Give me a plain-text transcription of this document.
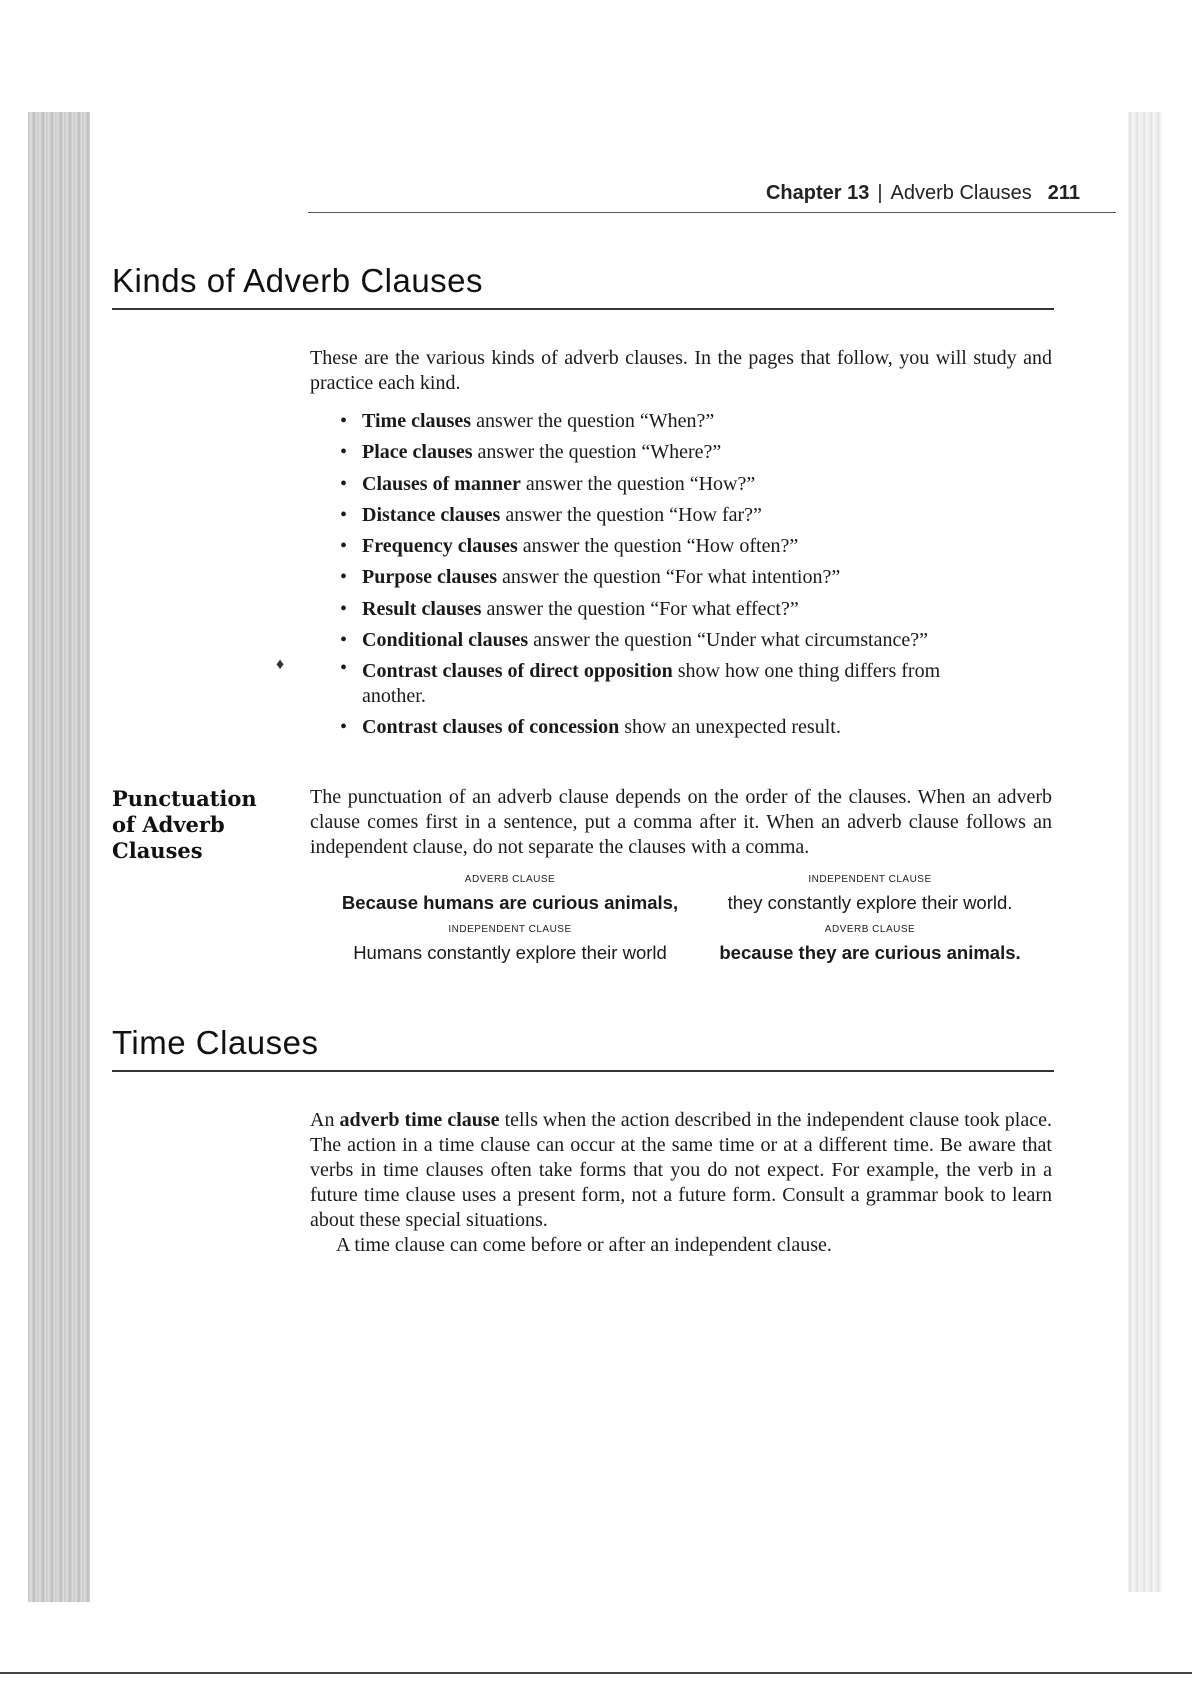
Chapter 13 | Adverb Clauses 211
Kinds of Adverb Clauses

These are the various kinds of adverb clauses. In the pages that follow, you will study and practice each kind.

♦
• Time clauses answer the question “When?”
• Place clauses answer the question “Where?”
• Clauses of manner answer the question “How?”
• Distance clauses answer the question “How far?”
• Frequency clauses answer the question “How often?”
• Purpose clauses answer the question “For what intention?”
• Result clauses answer the question “For what effect?”
• Conditional clauses answer the question “Under what circumstance?”
• Contrast clauses of direct opposition show how one thing differs from another.
• Contrast clauses of concession show an unexpected result.
Punctuation
of Adverb
Clauses

The punctuation of an adverb clause depends on the order of the clauses. When an adverb clause comes first in a sentence, put a comma after it. When an adverb clause follows an independent clause, do not separate the clauses with a comma.

ADVERB CLAUSE
Because humans are curious animals,
INDEPENDENT CLAUSE
they constantly explore their world.
INDEPENDENT CLAUSE
Humans constantly explore their world
ADVERB CLAUSE
because they are curious animals.
Time Clauses

An adverb time clause tells when the action described in the independent clause took place. The action in a time clause can occur at the same time or at a different time. Be aware that verbs in time clauses often take forms that you do not expect. For example, the verb in a future time clause uses a present form, not a future form. Consult a grammar book to learn about these special situations.

A time clause can come before or after an independent clause.
